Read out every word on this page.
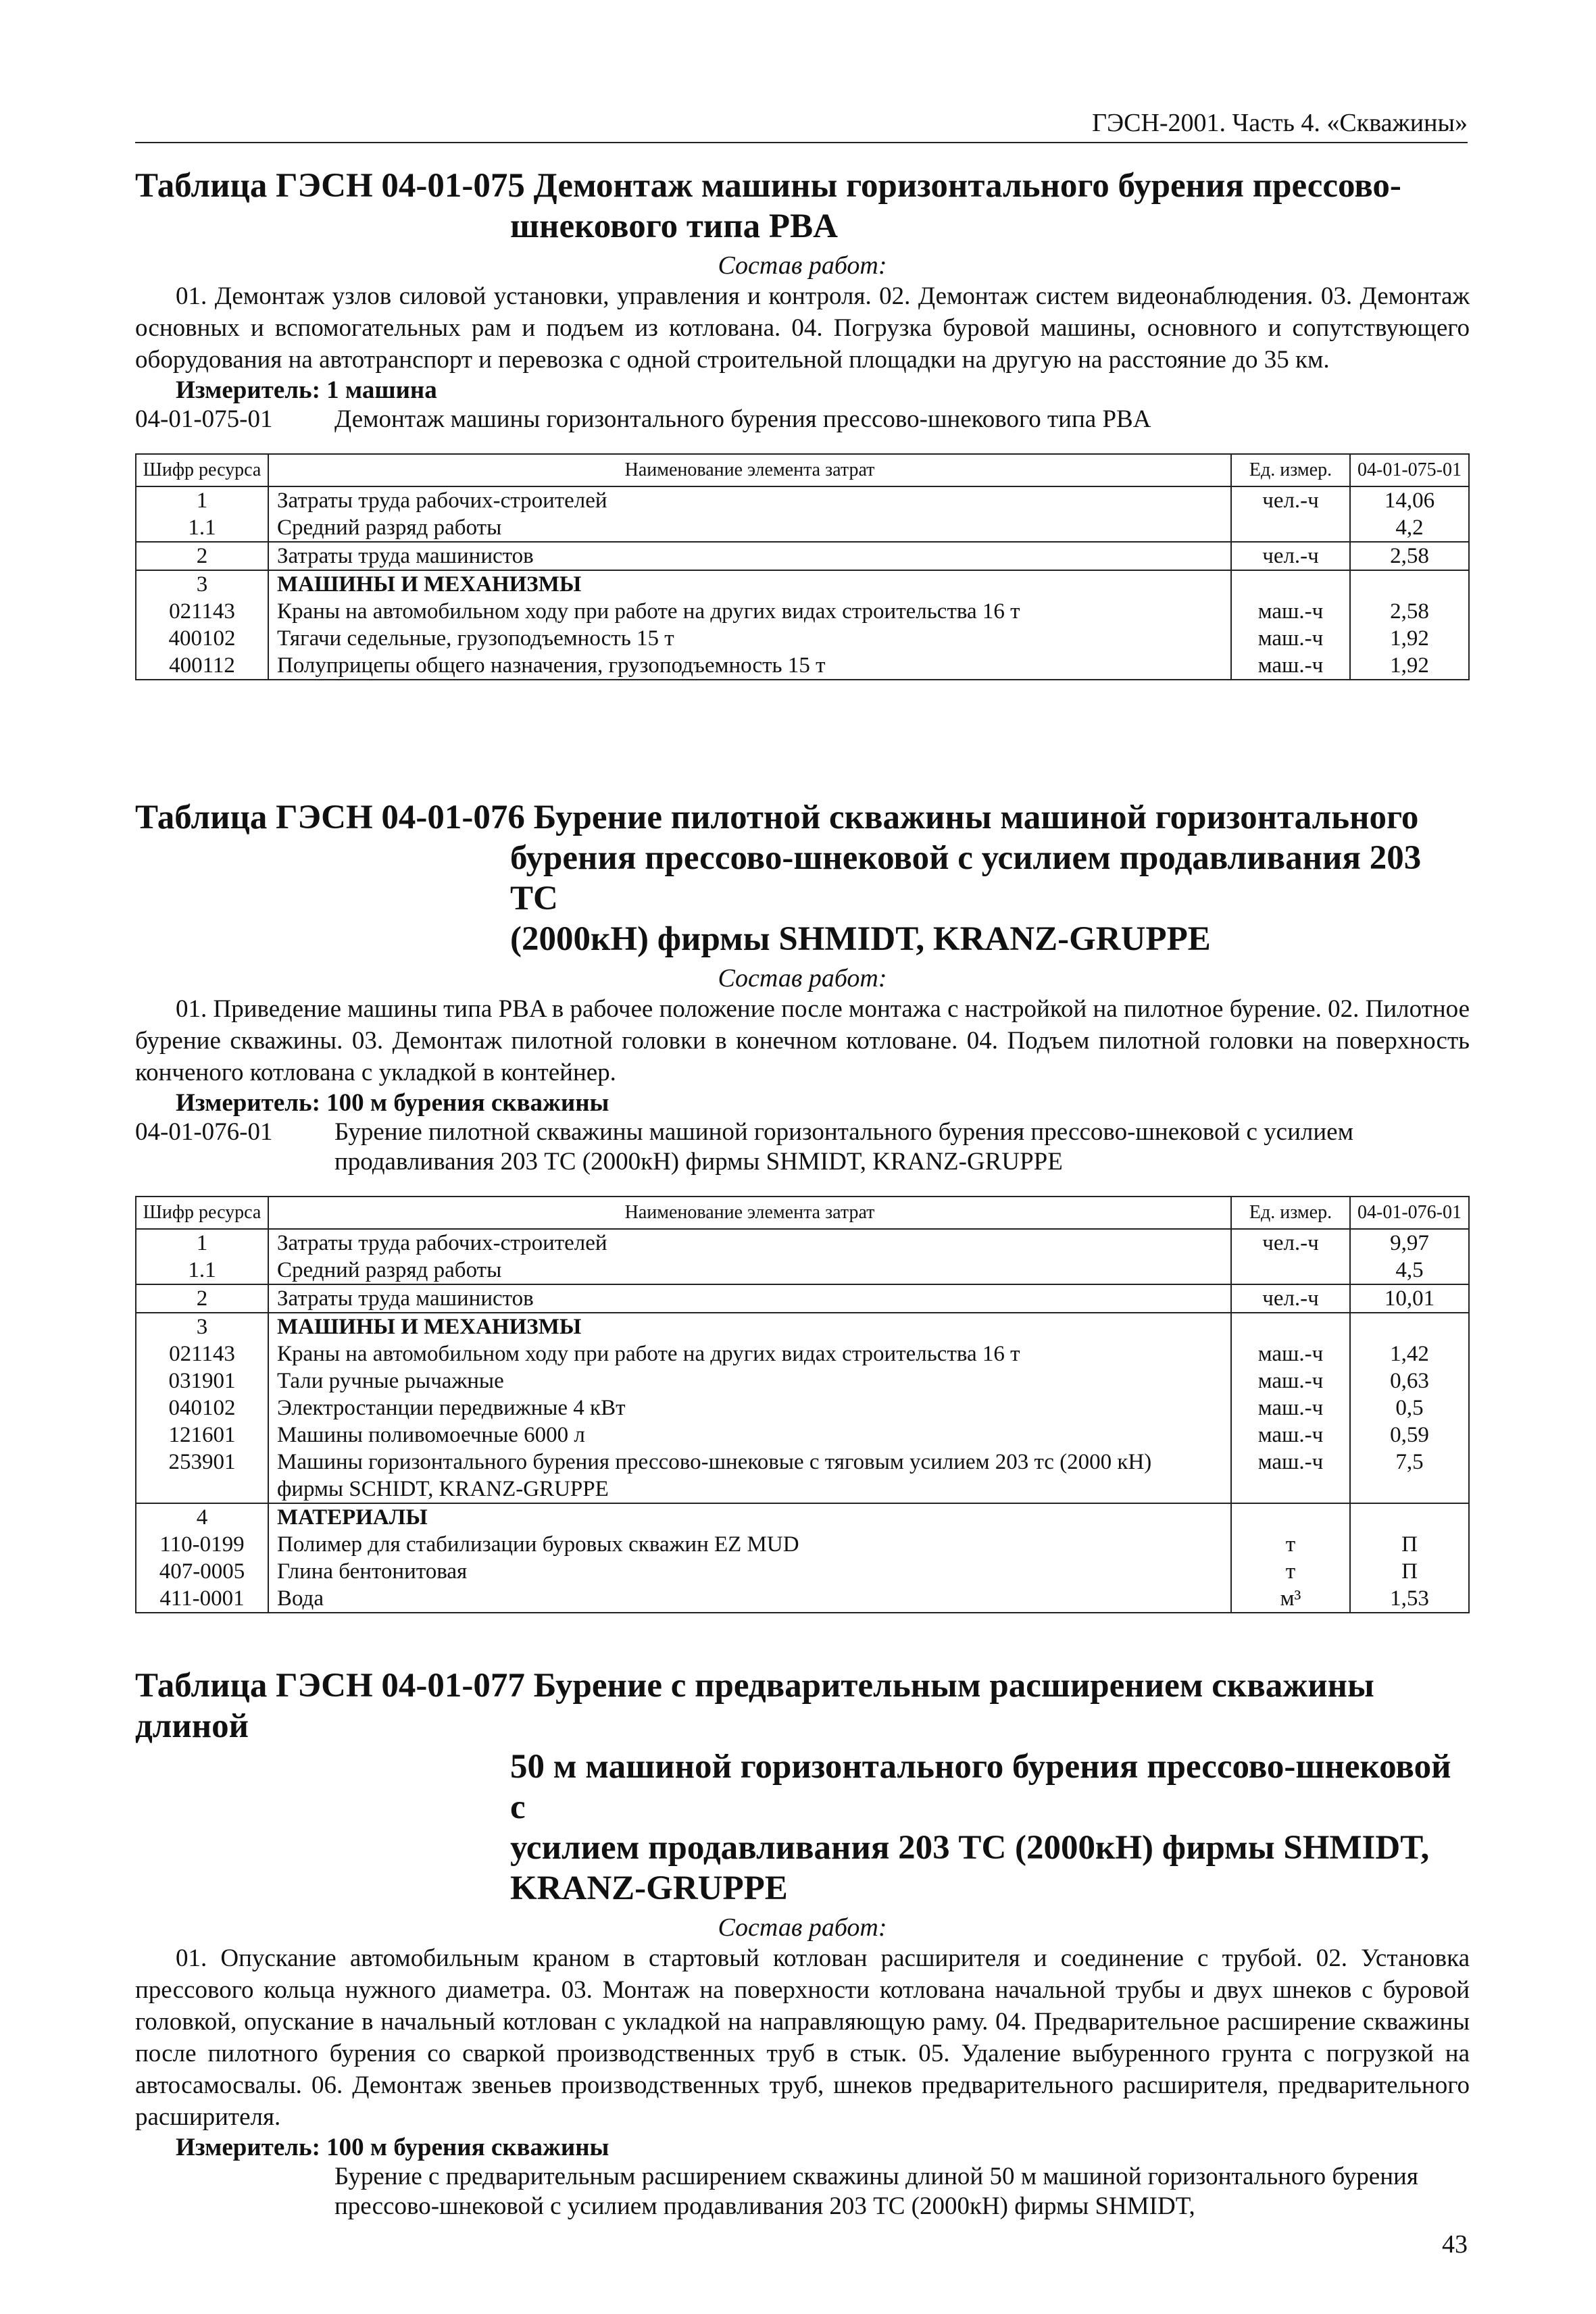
ГЭСН-2001. Часть 4. «Скважины»
Таблица ГЭСН 04-01-075 Демонтаж машины горизонтального бурения прессово-
шнекового типа PBA
Состав работ:
01. Демонтаж узлов силовой установки, управления и контроля. 02. Демонтаж систем видеонаблюдения. 03. Демонтаж основных и вспомогательных рам и подъем из котлована. 04. Погрузка буровой машины, основного и сопутствующего оборудования на автотранспорт и перевозка с одной строительной площадки на другую на расстояние до 35 км.
Измеритель: 1 машина
04-01-075-01	Демонтаж машины горизонтального бурения прессово-шнекового типа PBA
Шифр ресурса	Наименование элемента затрат	Ед. измер.	04-01-075-01
1	Затраты труда рабочих-строителей	чел.-ч	14,06
1.1	Средний разряд работы		4,2
2	Затраты труда машинистов	чел.-ч	2,58
3	МАШИНЫ И МЕХАНИЗМЫ		
021143	Краны на автомобильном ходу при работе на других видах строительства 16 т	маш.-ч	2,58
400102	Тягачи седельные, грузоподъемность 15 т	маш.-ч	1,92
400112	Полуприцепы общего назначения, грузоподъемность 15 т	маш.-ч	1,92
Таблица ГЭСН 04-01-076 Бурение пилотной скважины машиной горизонтального
бурения прессово-шнековой с усилием продавливания 203 ТС
(2000кН) фирмы SHMIDT, KRANZ-GRUPPE
Состав работ:
01. Приведение машины типа PBA в рабочее положение после монтажа с настройкой на пилотное бурение. 02. Пилотное бурение скважины. 03. Демонтаж пилотной головки в конечном котловане. 04. Подъем пилотной головки на поверхность конченого котлована с укладкой в контейнер.
Измеритель: 100 м бурения скважины
04-01-076-01	Бурение пилотной скважины машиной горизонтального бурения прессово-шнековой с усилием продавливания 203 ТС (2000кН) фирмы SHMIDT, KRANZ-GRUPPE
Шифр ресурса	Наименование элемента затрат	Ед. измер.	04-01-076-01
1	Затраты труда рабочих-строителей	чел.-ч	9,97
1.1	Средний разряд работы		4,5
2	Затраты труда машинистов	чел.-ч	10,01
3	МАШИНЫ И МЕХАНИЗМЫ		
021143	Краны на автомобильном ходу при работе на других видах строительства 16 т	маш.-ч	1,42
031901	Тали ручные рычажные	маш.-ч	0,63
040102	Электростанции передвижные 4 кВт	маш.-ч	0,5
121601	Машины поливомоечные 6000 л	маш.-ч	0,59
253901	Машины горизонтального бурения прессово-шнековые с тяговым усилием 203 тс (2000 кН) фирмы SCHIDT, KRANZ-GRUPPE	маш.-ч	7,5
4	МАТЕРИАЛЫ		
110-0199	Полимер для стабилизации буровых скважин EZ MUD	т	П
407-0005	Глина бентонитовая	т	П
411-0001	Вода	м³	1,53
Таблица ГЭСН 04-01-077 Бурение с предварительным расширением скважины длиной
50 м машиной горизонтального бурения прессово-шнековой с
усилием продавливания 203 ТС (2000кН) фирмы SHMIDT,
KRANZ-GRUPPE
Состав работ:
01. Опускание автомобильным краном в стартовый котлован расширителя и соединение с трубой. 02. Установка прессового кольца нужного диаметра. 03. Монтаж на поверхности котлована начальной трубы и двух шнеков с буровой головкой, опускание в начальный котлован с укладкой на направляющую раму. 04. Предварительное расширение скважины после пилотного бурения со сваркой производственных труб в стык. 05. Удаление выбуренного грунта с погрузкой на автосамосвалы. 06. Демонтаж звеньев производственных труб, шнеков предварительного расширителя, предварительного расширителя.
Измеритель: 100 м бурения скважины
Бурение с предварительным расширением скважины длиной 50 м машиной горизонтального бурения прессово-шнековой с усилием продавливания 203 ТС (2000кН) фирмы SHMIDT,
43
